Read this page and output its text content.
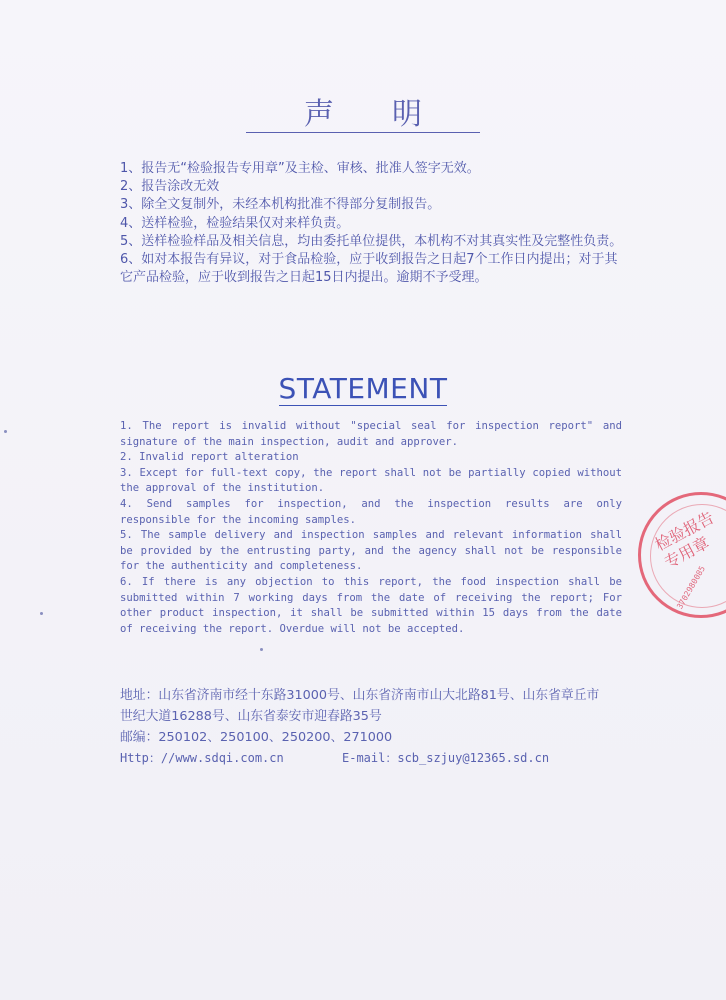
声明

1、报告无“检验报告专用章”及主检、审核、批准人签字无效。

2、报告涂改无效

3、除全文复制外，未经本机构批准不得部分复制报告。

4、送样检验，检验结果仅对来样负责。

5、送样检验样品及相关信息，均由委托单位提供，本机构不对其真实性及完整性负责。

6、如对本报告有异议，对于食品检验，应于收到报告之日起7个工作日内提出；对于其它产品检验，应于收到报告之日起15日内提出。逾期不予受理。

STATEMENT

1. The report is invalid without "special seal for inspection report" and signature of the main inspection, audit and approver.

2. Invalid report alteration

3. Except for full-text copy, the report shall not be partially copied without the approval of the institution.

4. Send samples for inspection, and the inspection results are only responsible for the incoming samples.

5. The sample delivery and inspection samples and relevant information shall be provided by the entrusting party, and the agency shall not be responsible for the authenticity and completeness.

6. If there is any objection to this report, the food inspection shall be submitted within 7 working days from the date of receiving the report; For other product inspection, it shall be submitted within 15 days from the date of receiving the report. Overdue will not be accepted.

地址：山东省济南市经十东路31000号、山东省济南市山大北路81号、山东省章丘市世纪大道16288号、山东省泰安市迎春路35号

邮编：250102、250100、250200、271000

Http：//www.sdqi.com.cn	E-mail：scb_szjuy@12365.sd.cn
检验报告专用章
3702980085
